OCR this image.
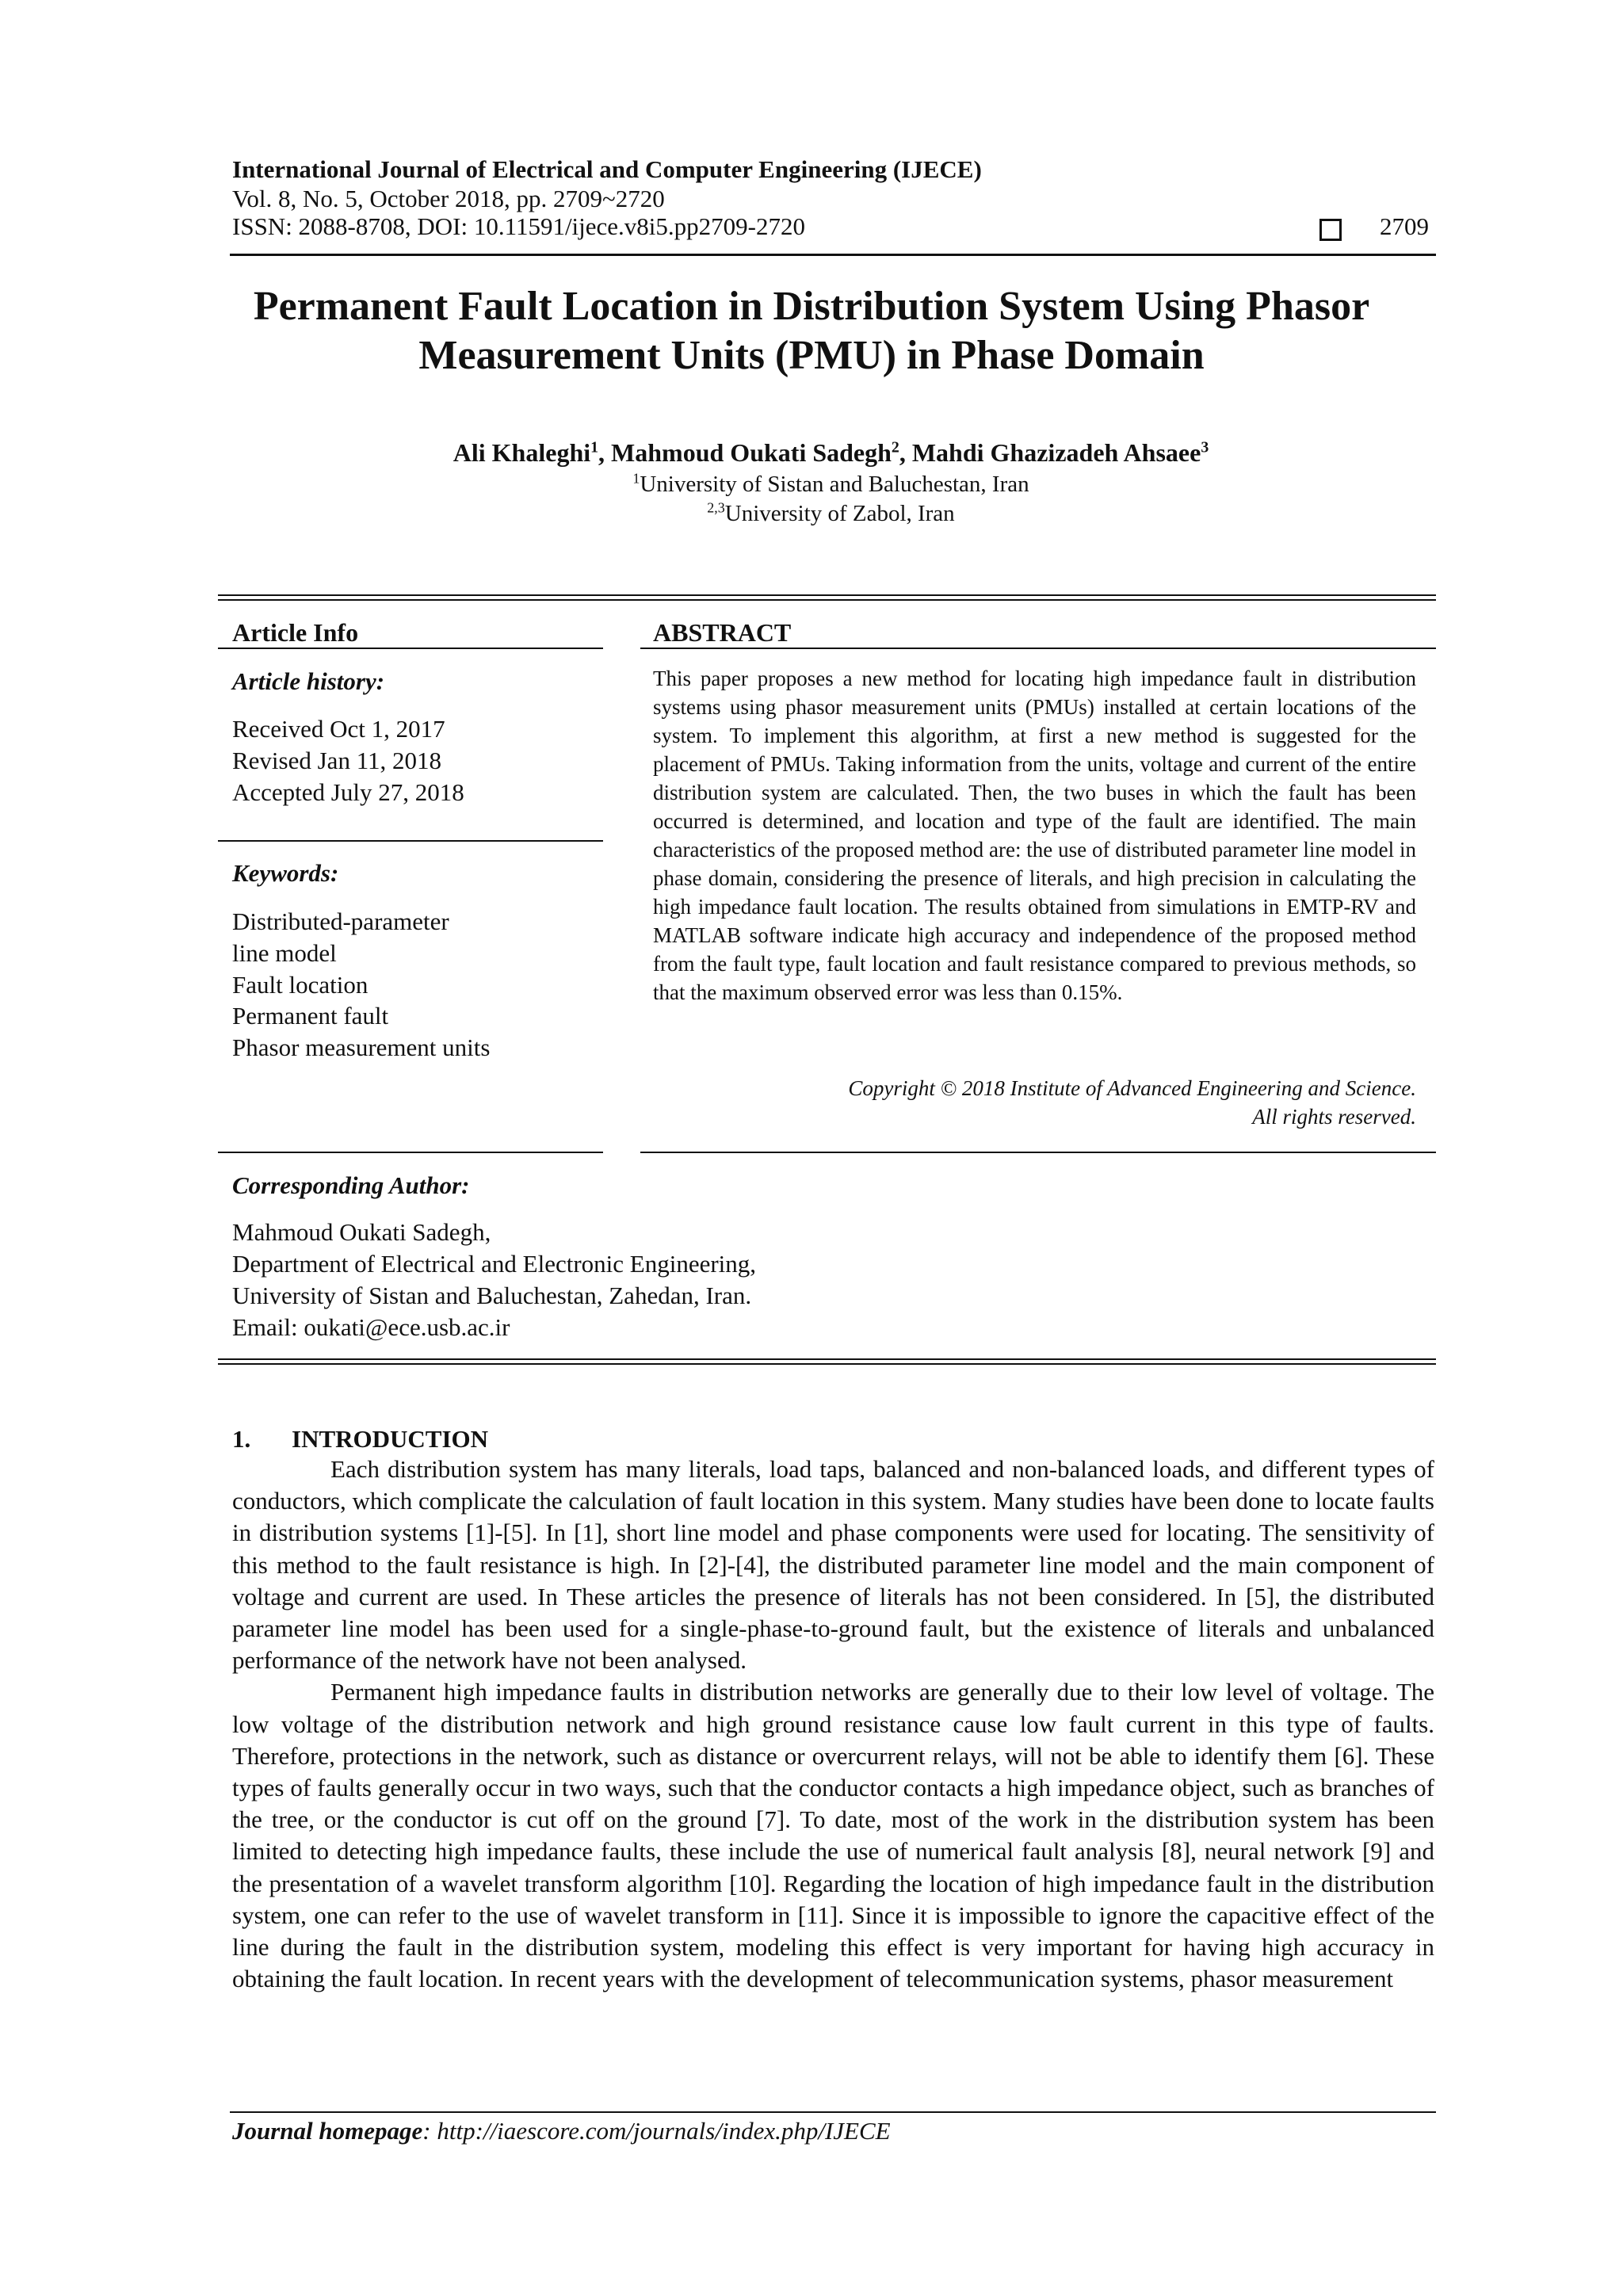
International Journal of Electrical and Computer Engineering (IJECE)
Vol. 8, No. 5, October 2018, pp. 2709~2720
ISSN: 2088-8708, DOI: 10.11591/ijece.v8i5.pp2709-2720	2709
Permanent Fault Location in Distribution System Using Phasor
Measurement Units (PMU) in Phase Domain
Ali Khaleghi$^1$, Mahmoud Oukati Sadegh$^2$, Mahdi Ghazizadeh Ahsaee$^3$
$^1$University of Sistan and Baluchestan, Iran
$^{2,3}$University of Zabol, Iran
Article Info
Article history:
Received Oct 1, 2017
Revised Jan 11, 2018
Accepted July 27, 2018
Keywords:
Distributed-parameter
line model
Fault location
Permanent fault
Phasor measurement units
ABSTRACT
This paper proposes a new method for locating high impedance fault in distribution systems using phasor measurement units (PMUs) installed at certain locations of the system. To implement this algorithm, at first a new method is suggested for the placement of PMUs. Taking information from the units, voltage and current of the entire distribution system are calculated. Then, the two buses in which the fault has been occurred is determined, and location and type of the fault are identified. The main characteristics of the proposed method are: the use of distributed parameter line model in phase domain, considering the presence of literals, and high precision in calculating the high impedance fault location. The results obtained from simulations in EMTP-RV and MATLAB software indicate high accuracy and independence of the proposed method from the fault type, fault location and fault resistance compared to previous methods, so that the maximum observed error was less than 0.15%.
Copyright © 2018 Institute of Advanced Engineering and Science.
All rights reserved.
Corresponding Author:
Mahmoud Oukati Sadegh,
Department of Electrical and Electronic Engineering,
University of Sistan and Baluchestan, Zahedan, Iran.
Email: oukati@ece.usb.ac.ir
1. INTRODUCTION

Each distribution system has many literals, load taps, balanced and non-balanced loads, and different types of conductors, which complicate the calculation of fault location in this system. Many studies have been done to locate faults in distribution systems [1]-[5]. In [1], short line model and phase components were used for locating. The sensitivity of this method to the fault resistance is high. In [2]-[4], the distributed parameter line model and the main component of voltage and current are used. In These articles the presence of literals has not been considered. In [5], the distributed parameter line model has been used for a single-phase-to-ground fault, but the existence of literals and unbalanced performance of the network have not been analysed.

Permanent high impedance faults in distribution networks are generally due to their low level of voltage. The low voltage of the distribution network and high ground resistance cause low fault current in this type of faults. Therefore, protections in the network, such as distance or overcurrent relays, will not be able to identify them [6]. These types of faults generally occur in two ways, such that the conductor contacts a high impedance object, such as branches of the tree, or the conductor is cut off on the ground [7]. To date, most of the work in the distribution system has been limited to detecting high impedance faults, these include the use of numerical fault analysis [8], neural network [9] and the presentation of a wavelet transform algorithm [10]. Regarding the location of high impedance fault in the distribution system, one can refer to the use of wavelet transform in [11]. Since it is impossible to ignore the capacitive effect of the line during the fault in the distribution system, modeling this effect is very important for having high accuracy in obtaining the fault location. In recent years with the development of telecommunication systems, phasor measurement

Journal homepage: http://iaescore.com/journals/index.php/IJECE
